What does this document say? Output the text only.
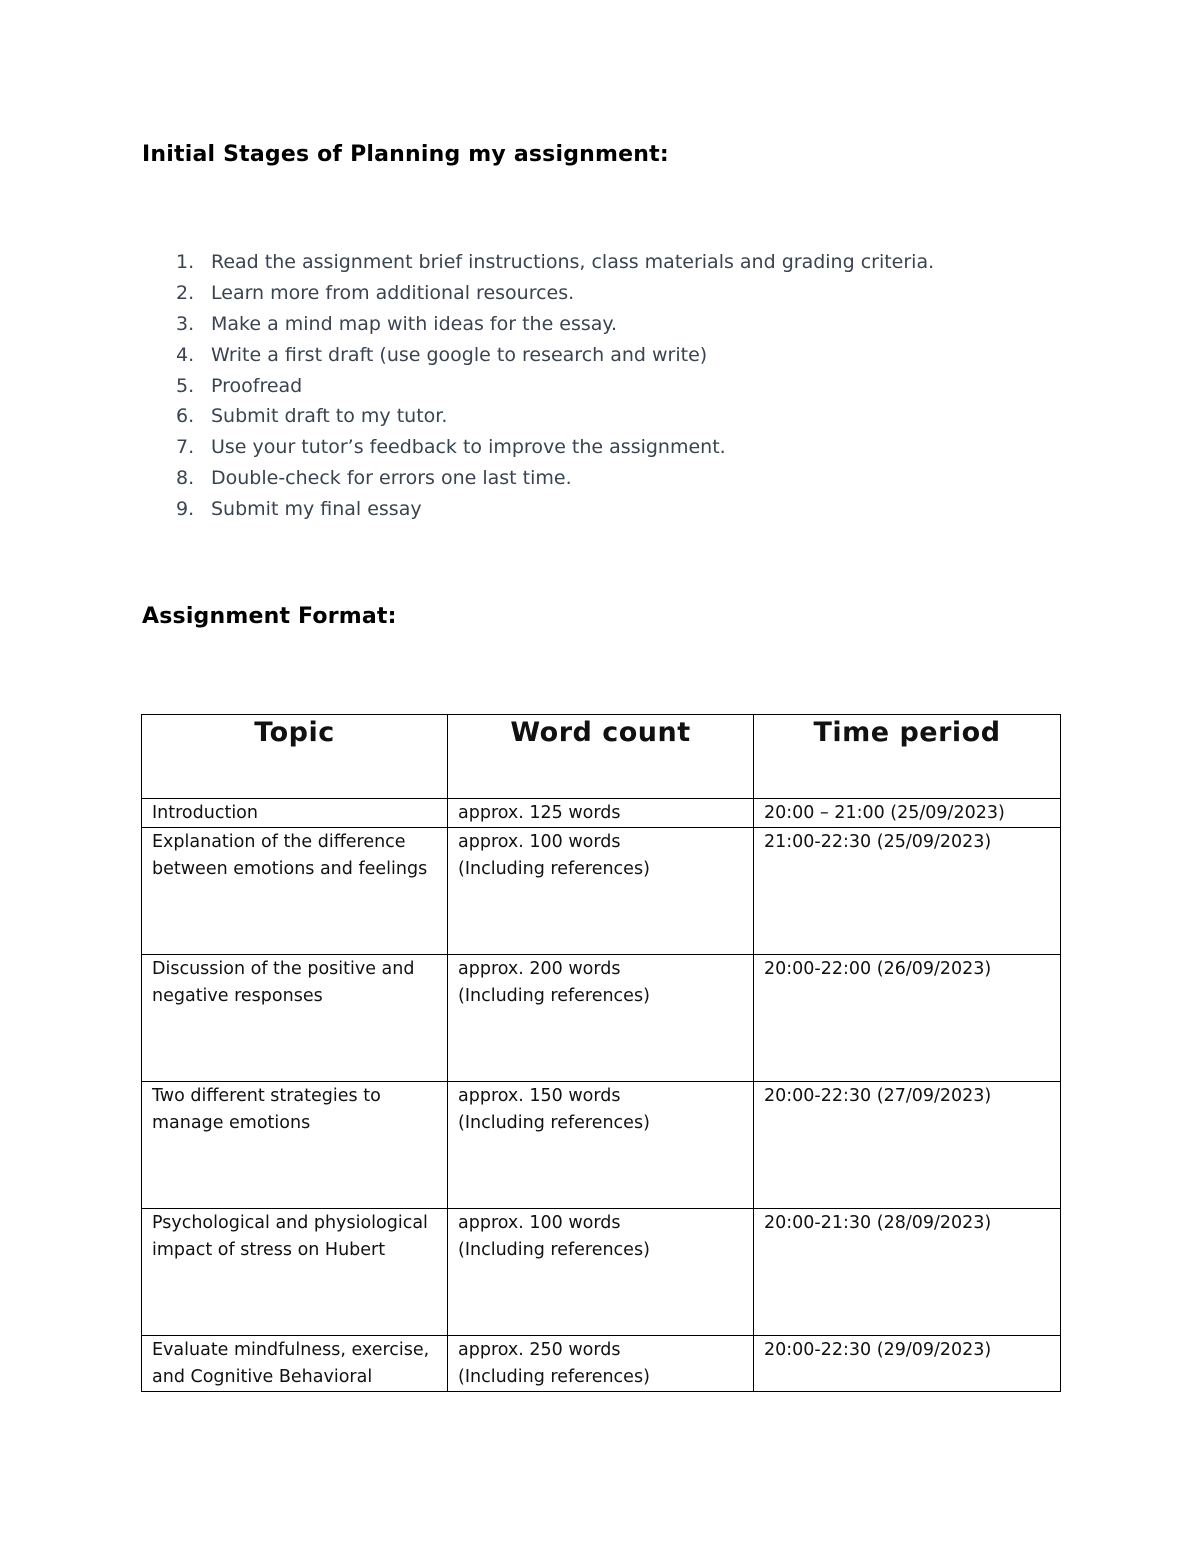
Initial Stages of Planning my assignment:
1. Read the assignment brief instructions, class materials and grading criteria.
2. Learn more from additional resources.
3. Make a mind map with ideas for the essay.
4. Write a first draft (use google to research and write)
5. Proofread
6. Submit draft to my tutor.
7. Use your tutor’s feedback to improve the assignment.
8. Double-check for errors one last time.
9. Submit my final essay
Assignment Format:
Topic	Word count	Time period

Introduction	approx. 125 words	20:00 – 21:00 (25/09/2023)

Explanation of the difference
between emotions and feelings	approx. 100 words
(Including references)	21:00-22:30 (25/09/2023)

Discussion of the positive and
negative responses	approx. 200 words
(Including references)	20:00-22:00 (26/09/2023)

Two different strategies to
manage emotions	approx. 150 words
(Including references)	20:00-22:30 (27/09/2023)

Psychological and physiological
impact of stress on Hubert	approx. 100 words
(Including references)	20:00-21:30 (28/09/2023)

Evaluate mindfulness, exercise,
and Cognitive Behavioral	approx. 250 words
(Including references)	20:00-22:30 (29/09/2023)
